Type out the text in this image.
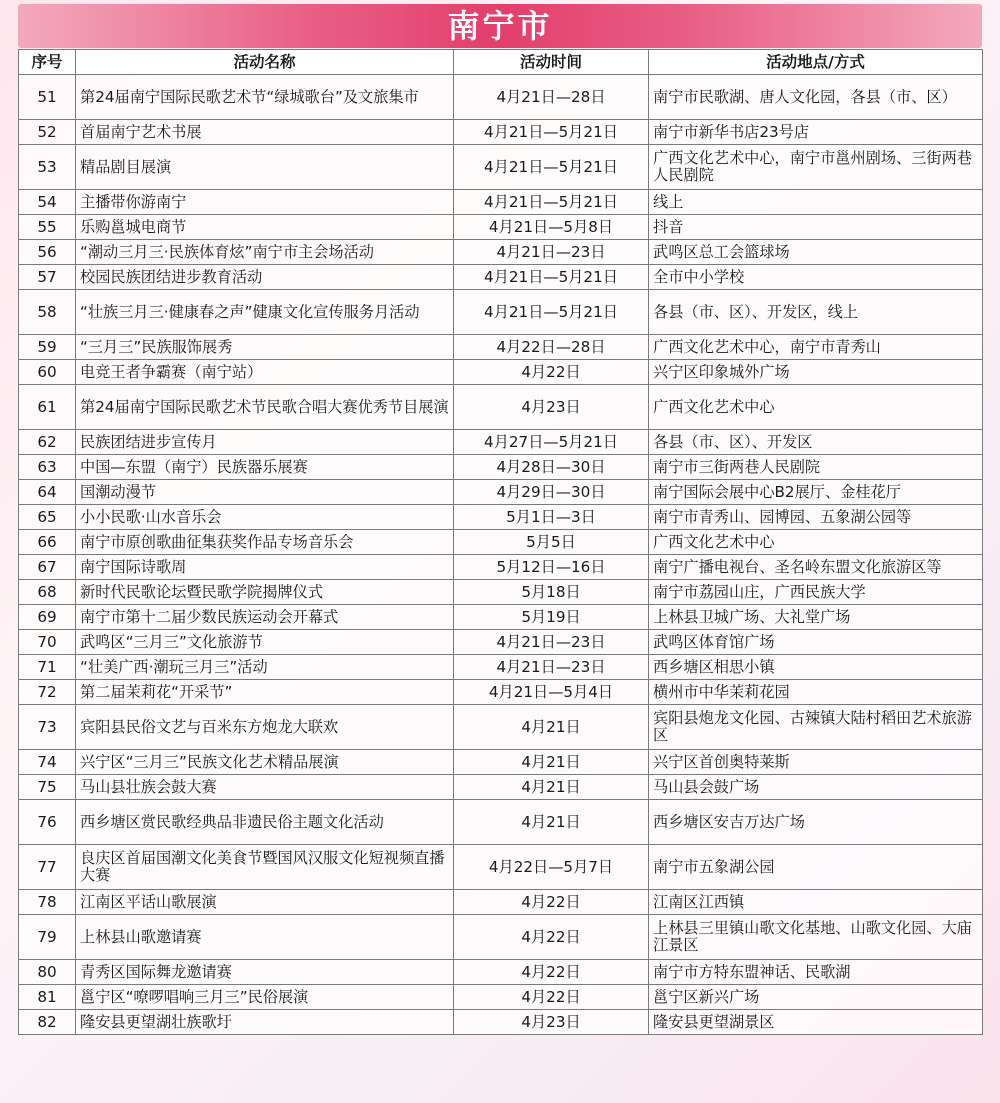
南宁市
序号	活动名称	活动时间	活动地点/方式
51	第24届南宁国际民歌艺术节“绿城歌台”及文旅集市	4月21日—28日	南宁市民歌湖、唐人文化园，各县（市、区）
52	首届南宁艺术书展	4月21日—5月21日	南宁市新华书店23号店
53	精品剧目展演	4月21日—5月21日	广西文化艺术中心，南宁市邕州剧场、三街两巷人民剧院
54	主播带你游南宁	4月21日—5月21日	线上
55	乐购邕城电商节	4月21日—5月8日	抖音
56	“潮动三月三·民族体育炫”南宁市主会场活动	4月21日—23日	武鸣区总工会篮球场
57	校园民族团结进步教育活动	4月21日—5月21日	全市中小学校
58	“壮族三月三·健康春之声”健康文化宣传服务月活动	4月21日—5月21日	各县（市、区）、开发区，线上
59	“三月三”民族服饰展秀	4月22日—28日	广西文化艺术中心，南宁市青秀山
60	电竞王者争霸赛（南宁站）	4月22日	兴宁区印象城外广场
61	第24届南宁国际民歌艺术节民歌合唱大赛优秀节目展演	4月23日	广西文化艺术中心
62	民族团结进步宣传月	4月27日—5月21日	各县（市、区）、开发区
63	中国—东盟（南宁）民族器乐展赛	4月28日—30日	南宁市三街两巷人民剧院
64	国潮动漫节	4月29日—30日	南宁国际会展中心B2展厅、金桂花厅
65	小小民歌·山水音乐会	5月1日—3日	南宁市青秀山、园博园、五象湖公园等
66	南宁市原创歌曲征集获奖作品专场音乐会	5月5日	广西文化艺术中心
67	南宁国际诗歌周	5月12日—16日	南宁广播电视台、圣名岭东盟文化旅游区等
68	新时代民歌论坛暨民歌学院揭牌仪式	5月18日	南宁市荔园山庄，广西民族大学
69	南宁市第十二届少数民族运动会开幕式	5月19日	上林县卫城广场、大礼堂广场
70	武鸣区“三月三”文化旅游节	4月21日—23日	武鸣区体育馆广场
71	“壮美广西·潮玩三月三”活动	4月21日—23日	西乡塘区相思小镇
72	第二届茉莉花“开采节”	4月21日—5月4日	横州市中华茉莉花园
73	宾阳县民俗文艺与百米东方炮龙大联欢	4月21日	宾阳县炮龙文化园、古辣镇大陆村稻田艺术旅游区
74	兴宁区“三月三”民族文化艺术精品展演	4月21日	兴宁区首创奥特莱斯
75	马山县壮族会鼓大赛	4月21日	马山县会鼓广场
76	西乡塘区赏民歌经典品非遗民俗主题文化活动	4月21日	西乡塘区安吉万达广场
77	良庆区首届国潮文化美食节暨国风汉服文化短视频直播大赛	4月22日—5月7日	南宁市五象湖公园
78	江南区平话山歌展演	4月22日	江南区江西镇
79	上林县山歌邀请赛	4月22日	上林县三里镇山歌文化基地、山歌文化园、大庙江景区
80	青秀区国际舞龙邀请赛	4月22日	南宁市方特东盟神话、民歌湖
81	邕宁区“嘹啰唱响三月三”民俗展演	4月22日	邕宁区新兴广场
82	隆安县更望湖壮族歌圩	4月23日	隆安县更望湖景区
